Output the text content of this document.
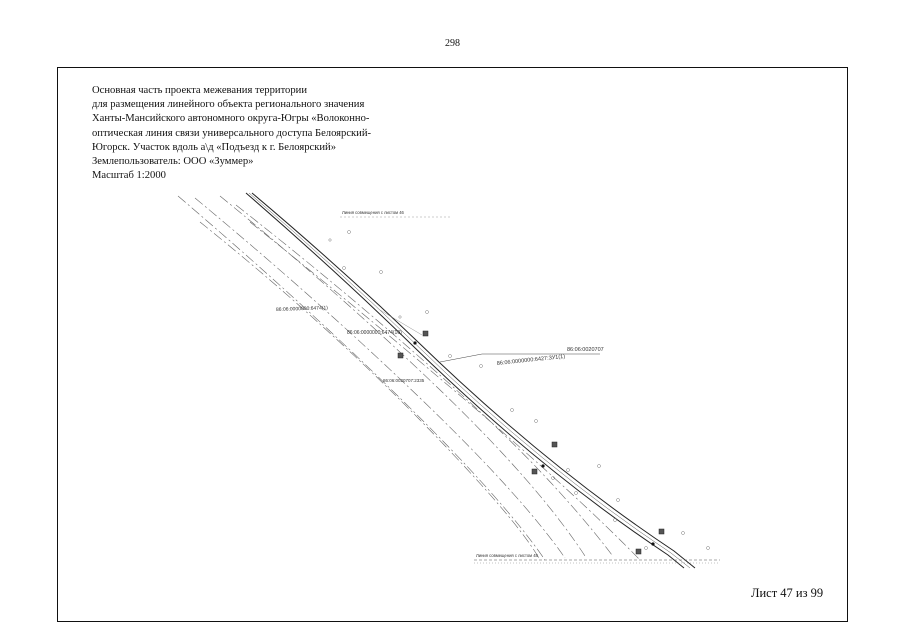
298
Основная часть проекта межевания территории
для размещения линейного объекта регионального значения
Ханты-Мансийского автономного округа-Югры «Волоконно-
оптическая линия связи универсального доступа Белоярский-
Югорск. Участок вдоль а\д «Подъезд к г. Белоярский»
Землепользователь: ООО «Зуммер»
Масштаб 1:2000
Линия совмещения с листом 46
Линия совмещения с листом 48
86:06:0000000:6474(1)
86:06:0000000:6474(10)
86:06:0020707
86:06:0000000:6427:ЗУ1(1)
86:06:0020707:2335
Лист 47 из 99
